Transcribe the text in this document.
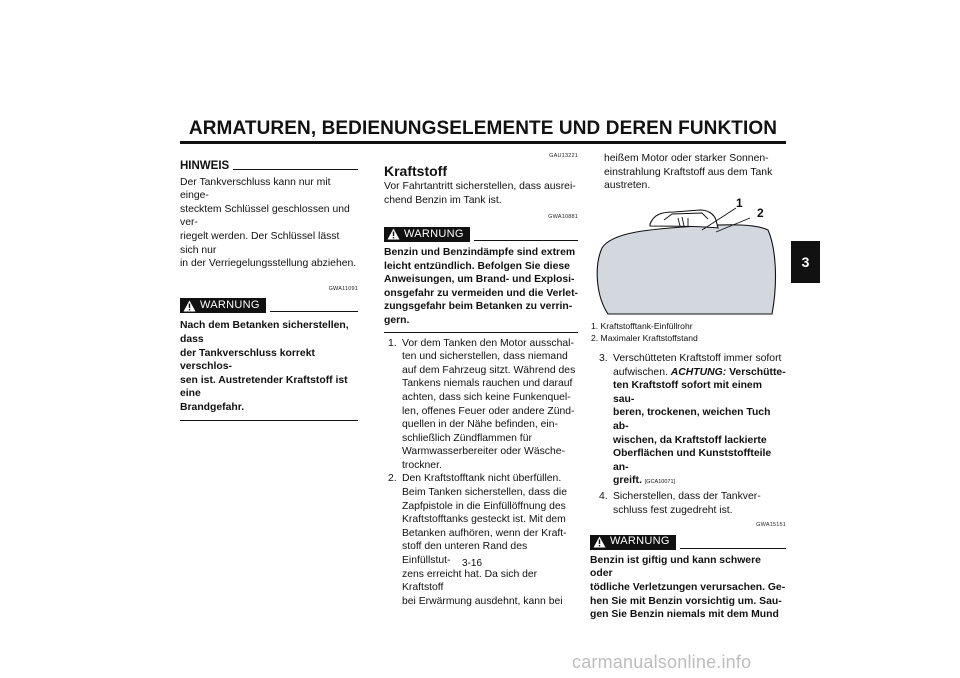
ARMATUREN, BEDIENUNGSELEMENTE UND DEREN FUNKTION
3
HINWEIS

Der Tankverschluss kann nur mit einge-

stecktem Schlüssel geschlossen und ver-

riegelt werden. Der Schlüssel lässt sich nur

in der Verriegelungsstellung abziehen.

GWA11091
WARNUNG

Nach dem Betanken sicherstellen, dass

der Tankverschluss korrekt verschlos-

sen ist. Austretender Kraftstoff ist eine

Brandgefahr.

GAU13221
Kraftstoff

Vor Fahrtantritt sicherstellen, dass ausrei-

chend Benzin im Tank ist.

GWA10881
WARNUNG

Benzin und Benzindämpfe sind extrem

leicht entzündlich. Befolgen Sie diese

Anweisungen, um Brand- und Explosi-

onsgefahr zu vermeiden und die Verlet-

zungsgefahr beim Betanken zu verrin-

gern.

1. Vor dem Tanken den Motor ausschal-

ten und sicherstellen, dass niemand

auf dem Fahrzeug sitzt. Während des

Tankens niemals rauchen und darauf

achten, dass sich keine Funkenquel-

len, offenes Feuer oder andere Zünd-

quellen in der Nähe befinden, ein-

schließlich Zündflammen für

Warmwasserbereiter oder Wäsche-

trockner.

2. Den Kraftstofftank nicht überfüllen.

Beim Tanken sicherstellen, dass die

Zapfpistole in die Einfüllöffnung des

Kraftstofftanks gesteckt ist. Mit dem

Betanken aufhören, wenn der Kraft-

stoff den unteren Rand des Einfüllstut-

zens erreicht hat. Da sich der Kraftstoff

bei Erwärmung ausdehnt, kann bei

heißem Motor oder starker Sonnen-

einstrahlung Kraftstoff aus dem Tank

austreten.

1
2
1. Kraftstofftank-Einfüllrohr
2. Maximaler Kraftstoffstand
3. Verschütteten Kraftstoff immer sofort

aufwischen. ACHTUNG: Verschütte-

ten Kraftstoff sofort mit einem sau-

beren, trockenen, weichen Tuch ab-

wischen, da Kraftstoff lackierte

Oberflächen und Kunststoffteile an-

greift. [GCA10071]

4. Sicherstellen, dass der Tankver-

schluss fest zugedreht ist.

GWA15151
WARNUNG

Benzin ist giftig und kann schwere oder

tödliche Verletzungen verursachen. Ge-

hen Sie mit Benzin vorsichtig um. Sau-

gen Sie Benzin niemals mit dem Mund

3-16
carmanualsonline.info
